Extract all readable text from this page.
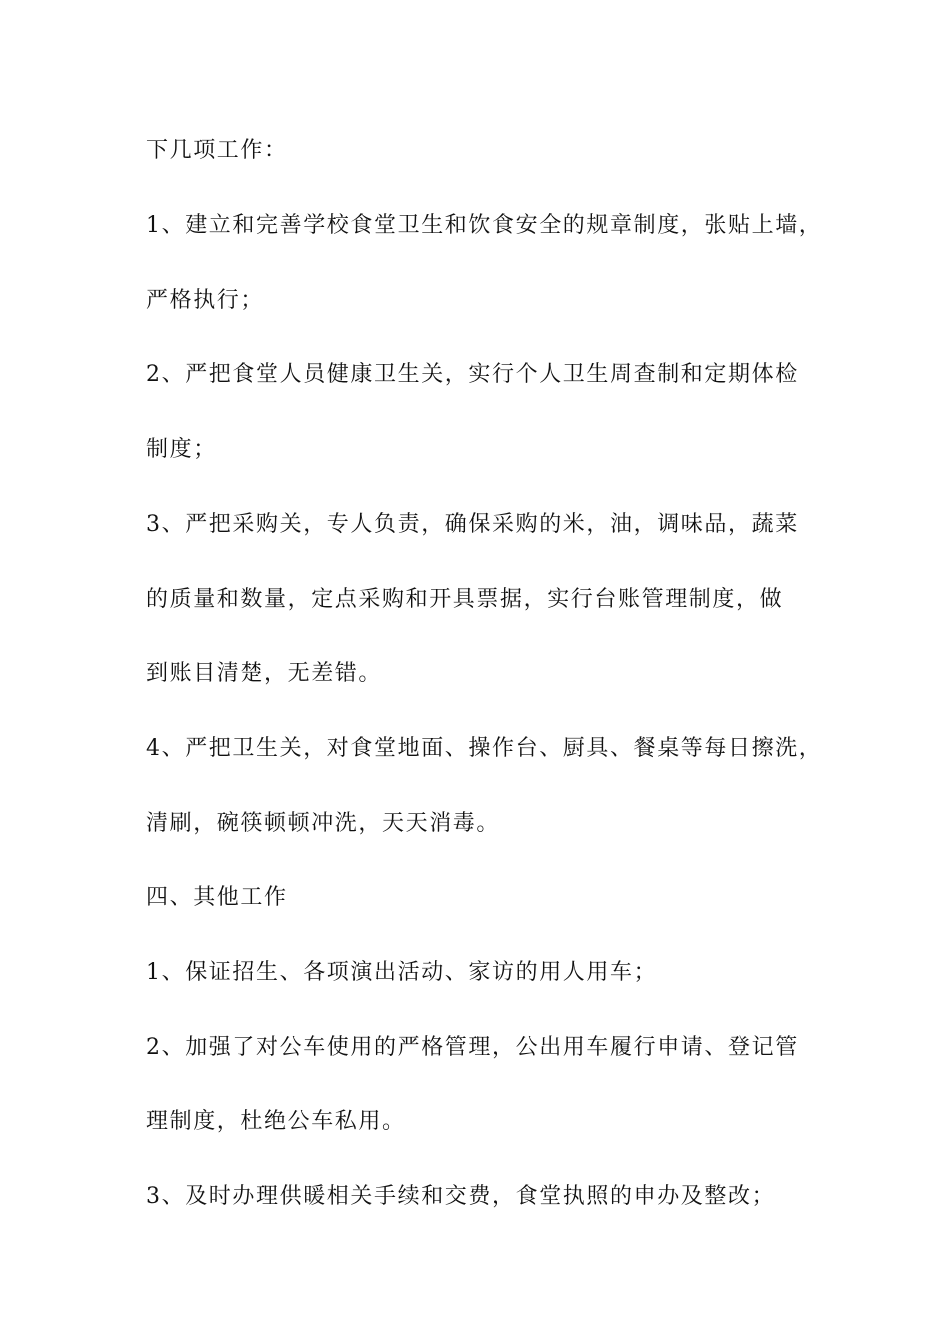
下几项工作：
1、建立和完善学校食堂卫生和饮食安全的规章制度，张贴上墙，
严格执行；
2、严把食堂人员健康卫生关，实行个人卫生周查制和定期体检
制度；
3、严把采购关，专人负责，确保采购的米，油，调味品，蔬菜
的质量和数量，定点采购和开具票据，实行台账管理制度，做
到账目清楚，无差错。
4、严把卫生关，对食堂地面、操作台、厨具、餐桌等每日擦洗，
清刷，碗筷顿顿冲洗，天天消毒。
四、其他工作
1、保证招生、各项演出活动、家访的用人用车；
2、加强了对公车使用的严格管理，公出用车履行申请、登记管
理制度，杜绝公车私用。
3、及时办理供暖相关手续和交费，食堂执照的申办及整改；
